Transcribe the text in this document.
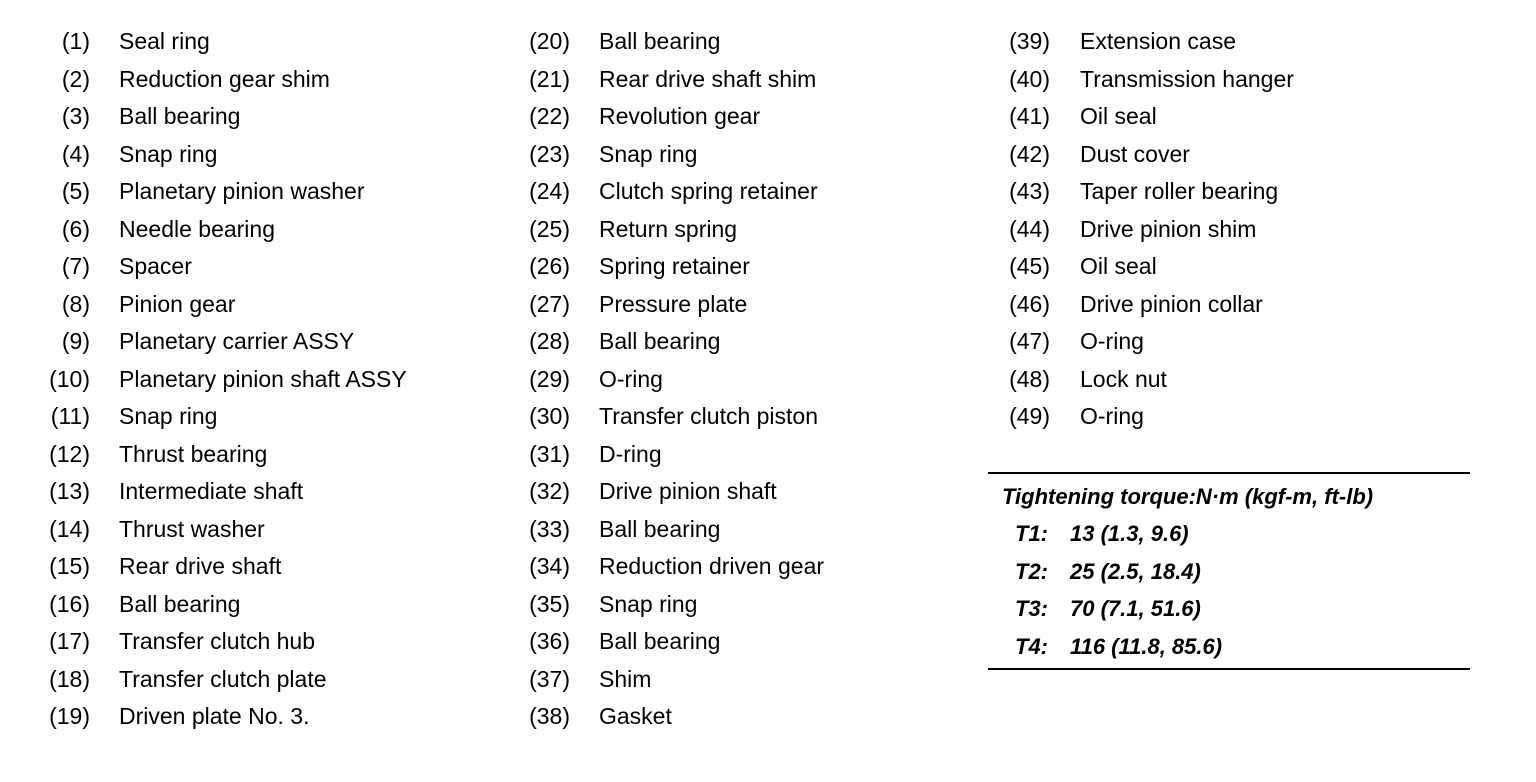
(1) Seal ring
(2) Reduction gear shim
(3) Ball bearing
(4) Snap ring
(5) Planetary pinion washer
(6) Needle bearing
(7) Spacer
(8) Pinion gear
(9) Planetary carrier ASSY
(10) Planetary pinion shaft ASSY
(11) Snap ring
(12) Thrust bearing
(13) Intermediate shaft
(14) Thrust washer
(15) Rear drive shaft
(16) Ball bearing
(17) Transfer clutch hub
(18) Transfer clutch plate
(19) Driven plate No. 3.
(20) Ball bearing
(21) Rear drive shaft shim
(22) Revolution gear
(23) Snap ring
(24) Clutch spring retainer
(25) Return spring
(26) Spring retainer
(27) Pressure plate
(28) Ball bearing
(29) O-ring
(30) Transfer clutch piston
(31) D-ring
(32) Drive pinion shaft
(33) Ball bearing
(34) Reduction driven gear
(35) Snap ring
(36) Ball bearing
(37) Shim
(38) Gasket
(39) Extension case
(40) Transmission hanger
(41) Oil seal
(42) Dust cover
(43) Taper roller bearing
(44) Drive pinion shim
(45) Oil seal
(46) Drive pinion collar
(47) O-ring
(48) Lock nut
(49) O-ring
Tightening torque:N·m (kgf-m, ft-lb)
T1: 13 (1.3, 9.6)
T2: 25 (2.5, 18.4)
T3: 70 (7.1, 51.6)
T4: 116 (11.8, 85.6)
